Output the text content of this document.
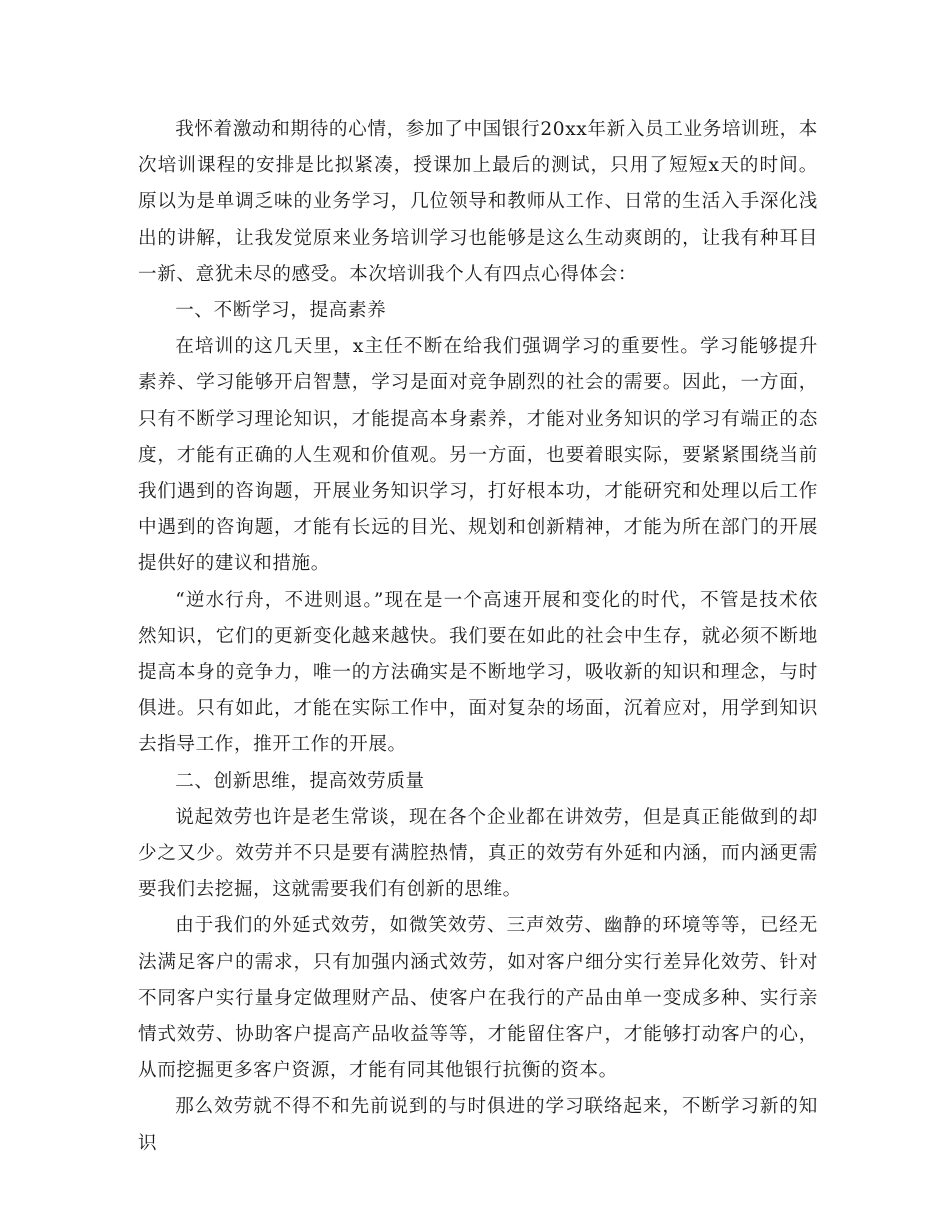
我怀着激动和期待的心情，参加了中国银行20xx年新入员工业务培训班，本次培训课程的安排是比拟紧凑，授课加上最后的测试，只用了短短x天的时间。原以为是单调乏味的业务学习，几位领导和教师从工作、日常的生活入手深化浅出的讲解，让我发觉原来业务培训学习也能够是这么生动爽朗的，让我有种耳目一新、意犹未尽的感受。本次培训我个人有四点心得体会：

一、不断学习，提高素养

在培训的这几天里，x主任不断在给我们强调学习的重要性。学习能够提升素养、学习能够开启智慧，学习是面对竞争剧烈的社会的需要。因此，一方面，只有不断学习理论知识，才能提高本身素养，才能对业务知识的学习有端正的态度，才能有正确的人生观和价值观。另一方面，也要着眼实际，要紧紧围绕当前我们遇到的咨询题，开展业务知识学习，打好根本功，才能研究和处理以后工作中遇到的咨询题，才能有长远的目光、规划和创新精神，才能为所在部门的开展提供好的建议和措施。

“逆水行舟，不进则退。”现在是一个高速开展和变化的时代，不管是技术依然知识，它们的更新变化越来越快。我们要在如此的社会中生存，就必须不断地提高本身的竞争力，唯一的方法确实是不断地学习，吸收新的知识和理念，与时俱进。只有如此，才能在实际工作中，面对复杂的场面，沉着应对，用学到知识去指导工作，推开工作的开展。

二、创新思维，提高效劳质量

说起效劳也许是老生常谈，现在各个企业都在讲效劳，但是真正能做到的却少之又少。效劳并不只是要有满腔热情，真正的效劳有外延和内涵，而内涵更需要我们去挖掘，这就需要我们有创新的思维。

由于我们的外延式效劳，如微笑效劳、三声效劳、幽静的环境等等，已经无法满足客户的需求，只有加强内涵式效劳，如对客户细分实行差异化效劳、针对不同客户实行量身定做理财产品、使客户在我行的产品由单一变成多种、实行亲情式效劳、协助客户提高产品收益等等，才能留住客户，才能够打动客户的心，从而挖掘更多客户资源，才能有同其他银行抗衡的资本。

那么效劳就不得不和先前说到的与时俱进的学习联络起来，不断学习新的知识
